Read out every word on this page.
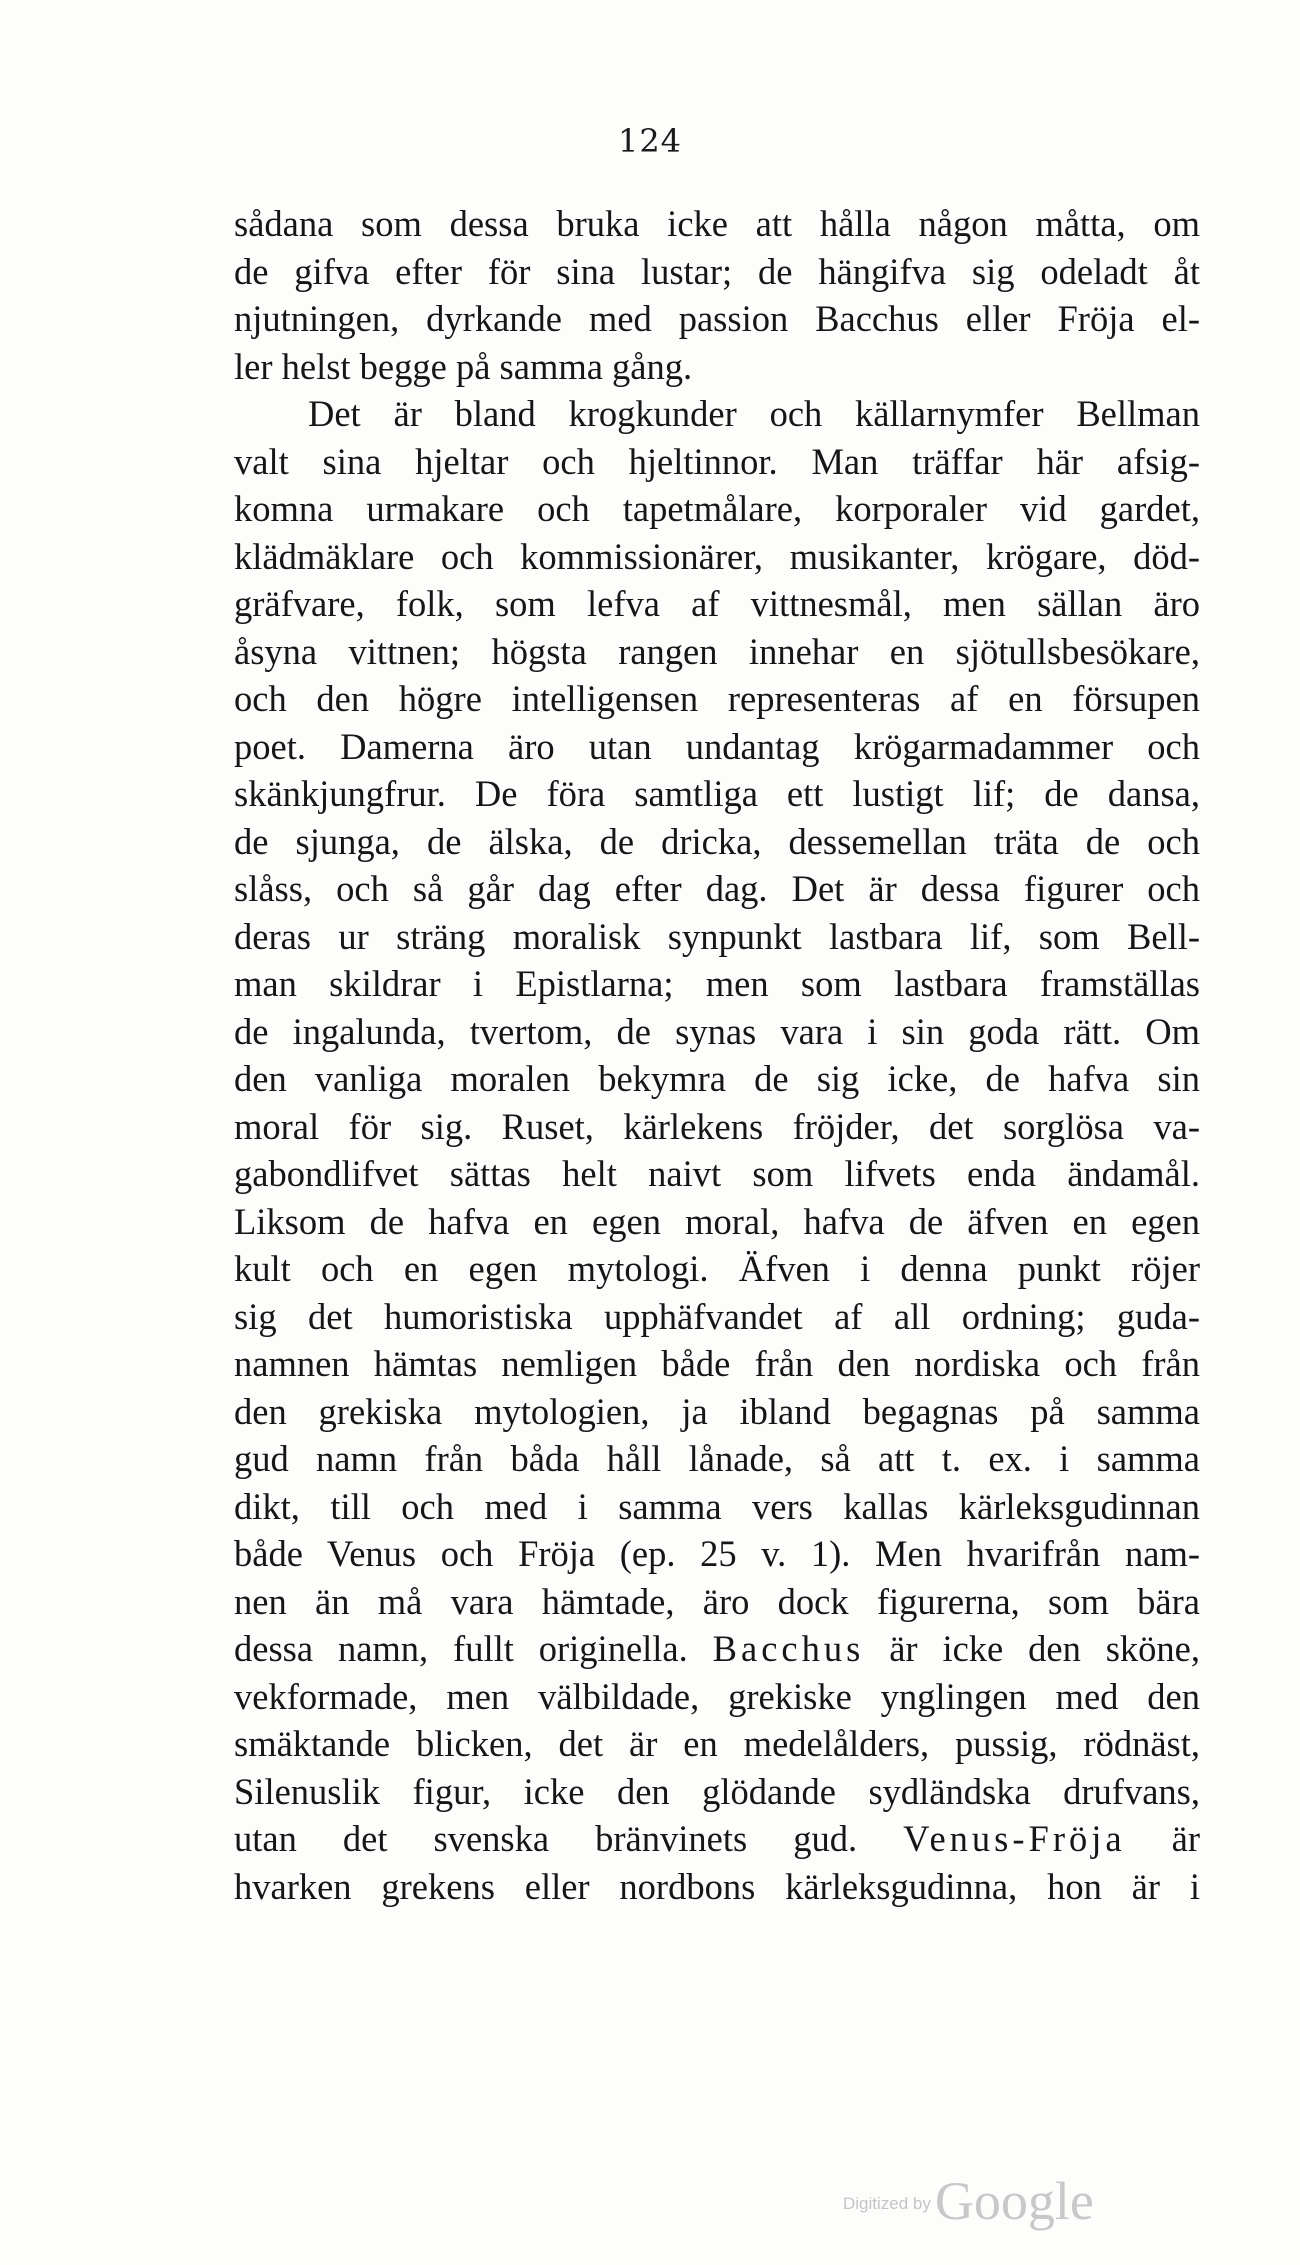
124
sådana som dessa bruka icke att hålla någon måtta, om
de gifva efter för sina lustar; de hängifva sig odeladt åt
njutningen, dyrkande med passion Bacchus eller Fröja el-
ler helst begge på samma gång.
Det är bland krogkunder och källarnymfer Bellman
valt sina hjeltar och hjeltinnor. Man träffar här afsig-
komna urmakare och tapetmålare, korporaler vid gardet,
klädmäklare och kommissionärer, musikanter, krögare, död-
gräfvare, folk, som lefva af vittnesmål, men sällan äro
åsyna vittnen; högsta rangen innehar en sjötullsbesökare,
och den högre intelligensen representeras af en försupen
poet. Damerna äro utan undantag krögarmadammer och
skänkjungfrur. De föra samtliga ett lustigt lif; de dansa,
de sjunga, de älska, de dricka, dessemellan träta de och
slåss, och så går dag efter dag. Det är dessa figurer och
deras ur sträng moralisk synpunkt lastbara lif, som Bell-
man skildrar i Epistlarna; men som lastbara framställas
de ingalunda, tvertom, de synas vara i sin goda rätt. Om
den vanliga moralen bekymra de sig icke, de hafva sin
moral för sig. Ruset, kärlekens fröjder, det sorglösa va-
gabondlifvet sättas helt naivt som lifvets enda ändamål.
Liksom de hafva en egen moral, hafva de äfven en egen
kult och en egen mytologi. Äfven i denna punkt röjer
sig det humoristiska upphäfvandet af all ordning; guda-
namnen hämtas nemligen både från den nordiska och från
den grekiska mytologien, ja ibland begagnas på samma
gud namn från båda håll lånade, så att t. ex. i samma
dikt, till och med i samma vers kallas kärleksgudinnan
både Venus och Fröja (ep. 25 v. 1). Men hvarifrån nam-
nen än må vara hämtade, äro dock figurerna, som bära
dessa namn, fullt originella. Bacchus är icke den sköne,
vekformade, men välbildade, grekiske ynglingen med den
smäktande blicken, det är en medelålders, pussig, rödnäst,
Silenuslik figur, icke den glödande sydländska drufvans,
utan det svenska bränvinets gud. Venus-Fröja är
hvarken grekens eller nordbons kärleksgudinna, hon är i
Digitized by Google
